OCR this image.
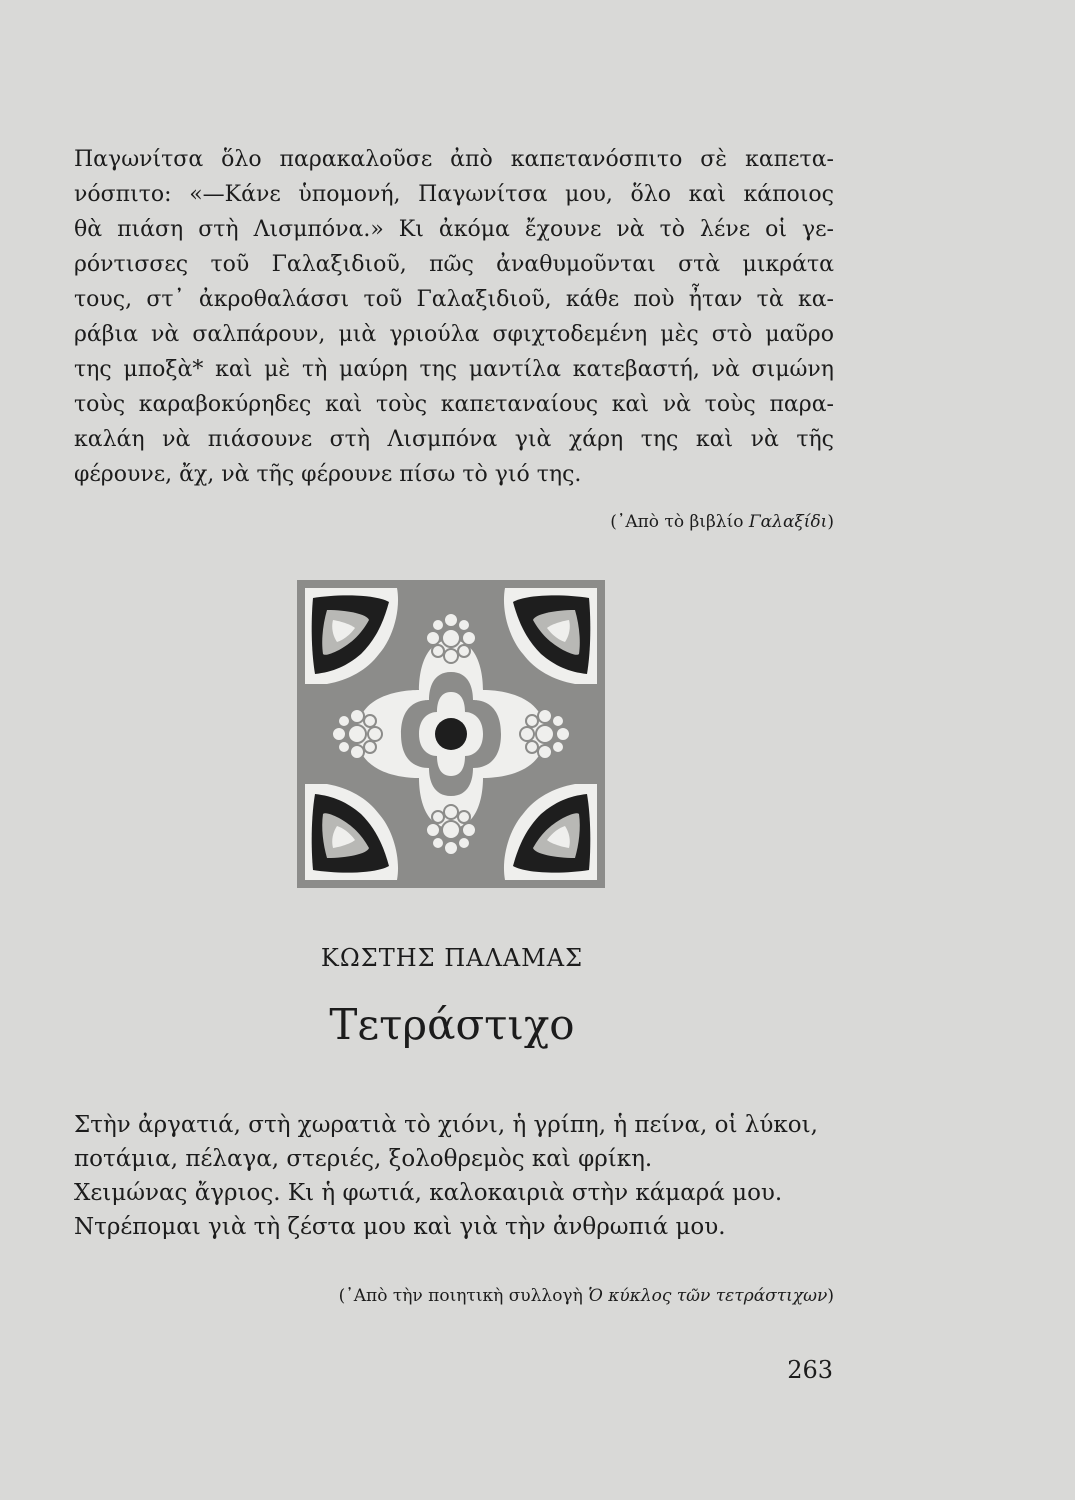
Παγωνίτσα ὅλο παρακαλοῦσε ἀπὸ καπετανόσπιτο σὲ καπετα-
νόσπιτο: «—Κάνε ὑπομονή, Παγωνίτσα μου, ὅλο καὶ κάποιος
θὰ πιάση στὴ Λισμπόνα.» Κι ἀκόμα ἔχουνε νὰ τὸ λένε οἱ γε-
ρόντισσες τοῦ Γαλαξιδιοῦ, πῶς ἀναθυμοῦνται στὰ μικράτα
τους, στ᾽ ἀκροθαλάσσι τοῦ Γαλαξιδιοῦ, κάθε ποὺ ἦταν τὰ κα-
ράβια νὰ σαλπάρουν, μιὰ γριούλα σφιχτοδεμένη μὲς στὸ μαῦρο
της μποξὰ* καὶ μὲ τὴ μαύρη της μαντίλα κατεβαστή, νὰ σιμώνη
τοὺς καραβοκύρηδες καὶ τοὺς καπεταναίους καὶ νὰ τοὺς παρα-
καλάη νὰ πιάσουνε στὴ Λισμπόνα γιὰ χάρη της καὶ νὰ τῆς
φέρουνε, ἄχ, νὰ τῆς φέρουνε πίσω τὸ γιό της.
(᾽Απὸ τὸ βιβλίο Γαλαξίδι)
ΚΩΣΤΗΣ ΠΑΛΑΜΑΣ
Τετράστιχο
Στὴν ἀργατιά, στὴ χωρατιὰ τὸ χιόνι, ἡ γρίπη, ἡ πείνα, οἱ λύκοι,
ποτάμια, πέλαγα, στεριές, ξολοθρεμὸς καὶ φρίκη.
Χειμώνας ἄγριος. Κι ἡ φωτιά, καλοκαιριὰ στὴν κάμαρά μου.
Ντρέπομαι γιὰ τὴ ζέστα μου καὶ γιὰ τὴν ἀνθρωπιά μου.
(᾽Απὸ τὴν ποιητικὴ συλλογὴ Ὁ κύκλος τῶν τετράστιχων)
263
